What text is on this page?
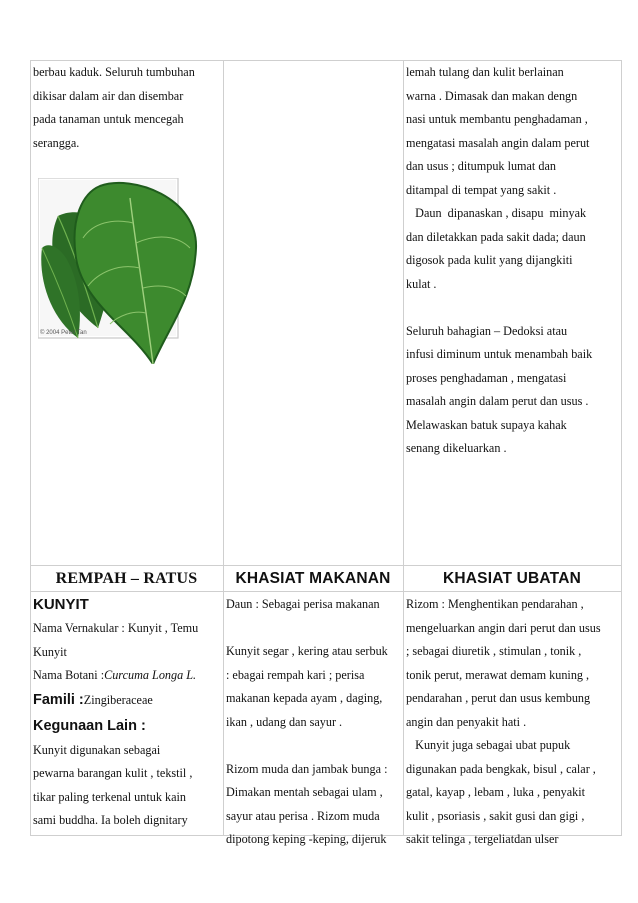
berbau kaduk. Seluruh tumbuhan

dikisar dalam air dan disembar

pada tanaman untuk mencegah

serangga.

© 2004 Peter Tan

lemah tulang dan kulit berlainan

warna . Dimasak dan makan dengn

nasi untuk membantu penghadaman ,

mengatasi masalah angin dalam perut

dan usus ; ditumpuk lumat dan

ditampal di tempat yang sakit .

Daun  dipanaskan , disapu  minyak

dan diletakkan pada sakit dada; daun

digosok pada kulit yang dijangkiti

kulat .

Seluruh bahagian – Dedoksi atau

infusi diminum untuk menambah baik

proses penghadaman , mengatasi

masalah angin dalam perut dan usus .

Melawaskan batuk supaya kahak

senang dikeluarkan .

REMPAH – RATUS	KHASIAT MAKANAN	KHASIAT UBATAN

KUNYIT

Nama Vernakular : Kunyit , Temu

Kunyit

Nama Botani :Curcuma Longa L.

Famili :Zingiberaceae

Kegunaan Lain :

Kunyit digunakan sebagai

pewarna barangan kulit , tekstil ,

tikar paling terkenal untuk kain

sami buddha. Ia boleh dignitary

Daun : Sebagai perisa makanan

Kunyit segar , kering atau serbuk

: ebagai rempah kari ; perisa

makanan kepada ayam , daging,

ikan , udang dan sayur .

Rizom muda dan jambak bunga :

Dimakan mentah sebagai ulam ,

sayur atau perisa . Rizom muda

dipotong keping -keping, dijeruk

Rizom : Menghentikan pendarahan ,

mengeluarkan angin dari perut dan usus

; sebagai diuretik , stimulan , tonik ,

tonik perut, merawat demam kuning ,

pendarahan , perut dan usus kembung

angin dan penyakit hati .

Kunyit juga sebagai ubat pupuk

digunakan pada bengkak, bisul , calar ,

gatal, kayap , lebam , luka , penyakit

kulit , psoriasis , sakit gusi dan gigi ,

sakit telinga , tergeliatdan ulser
